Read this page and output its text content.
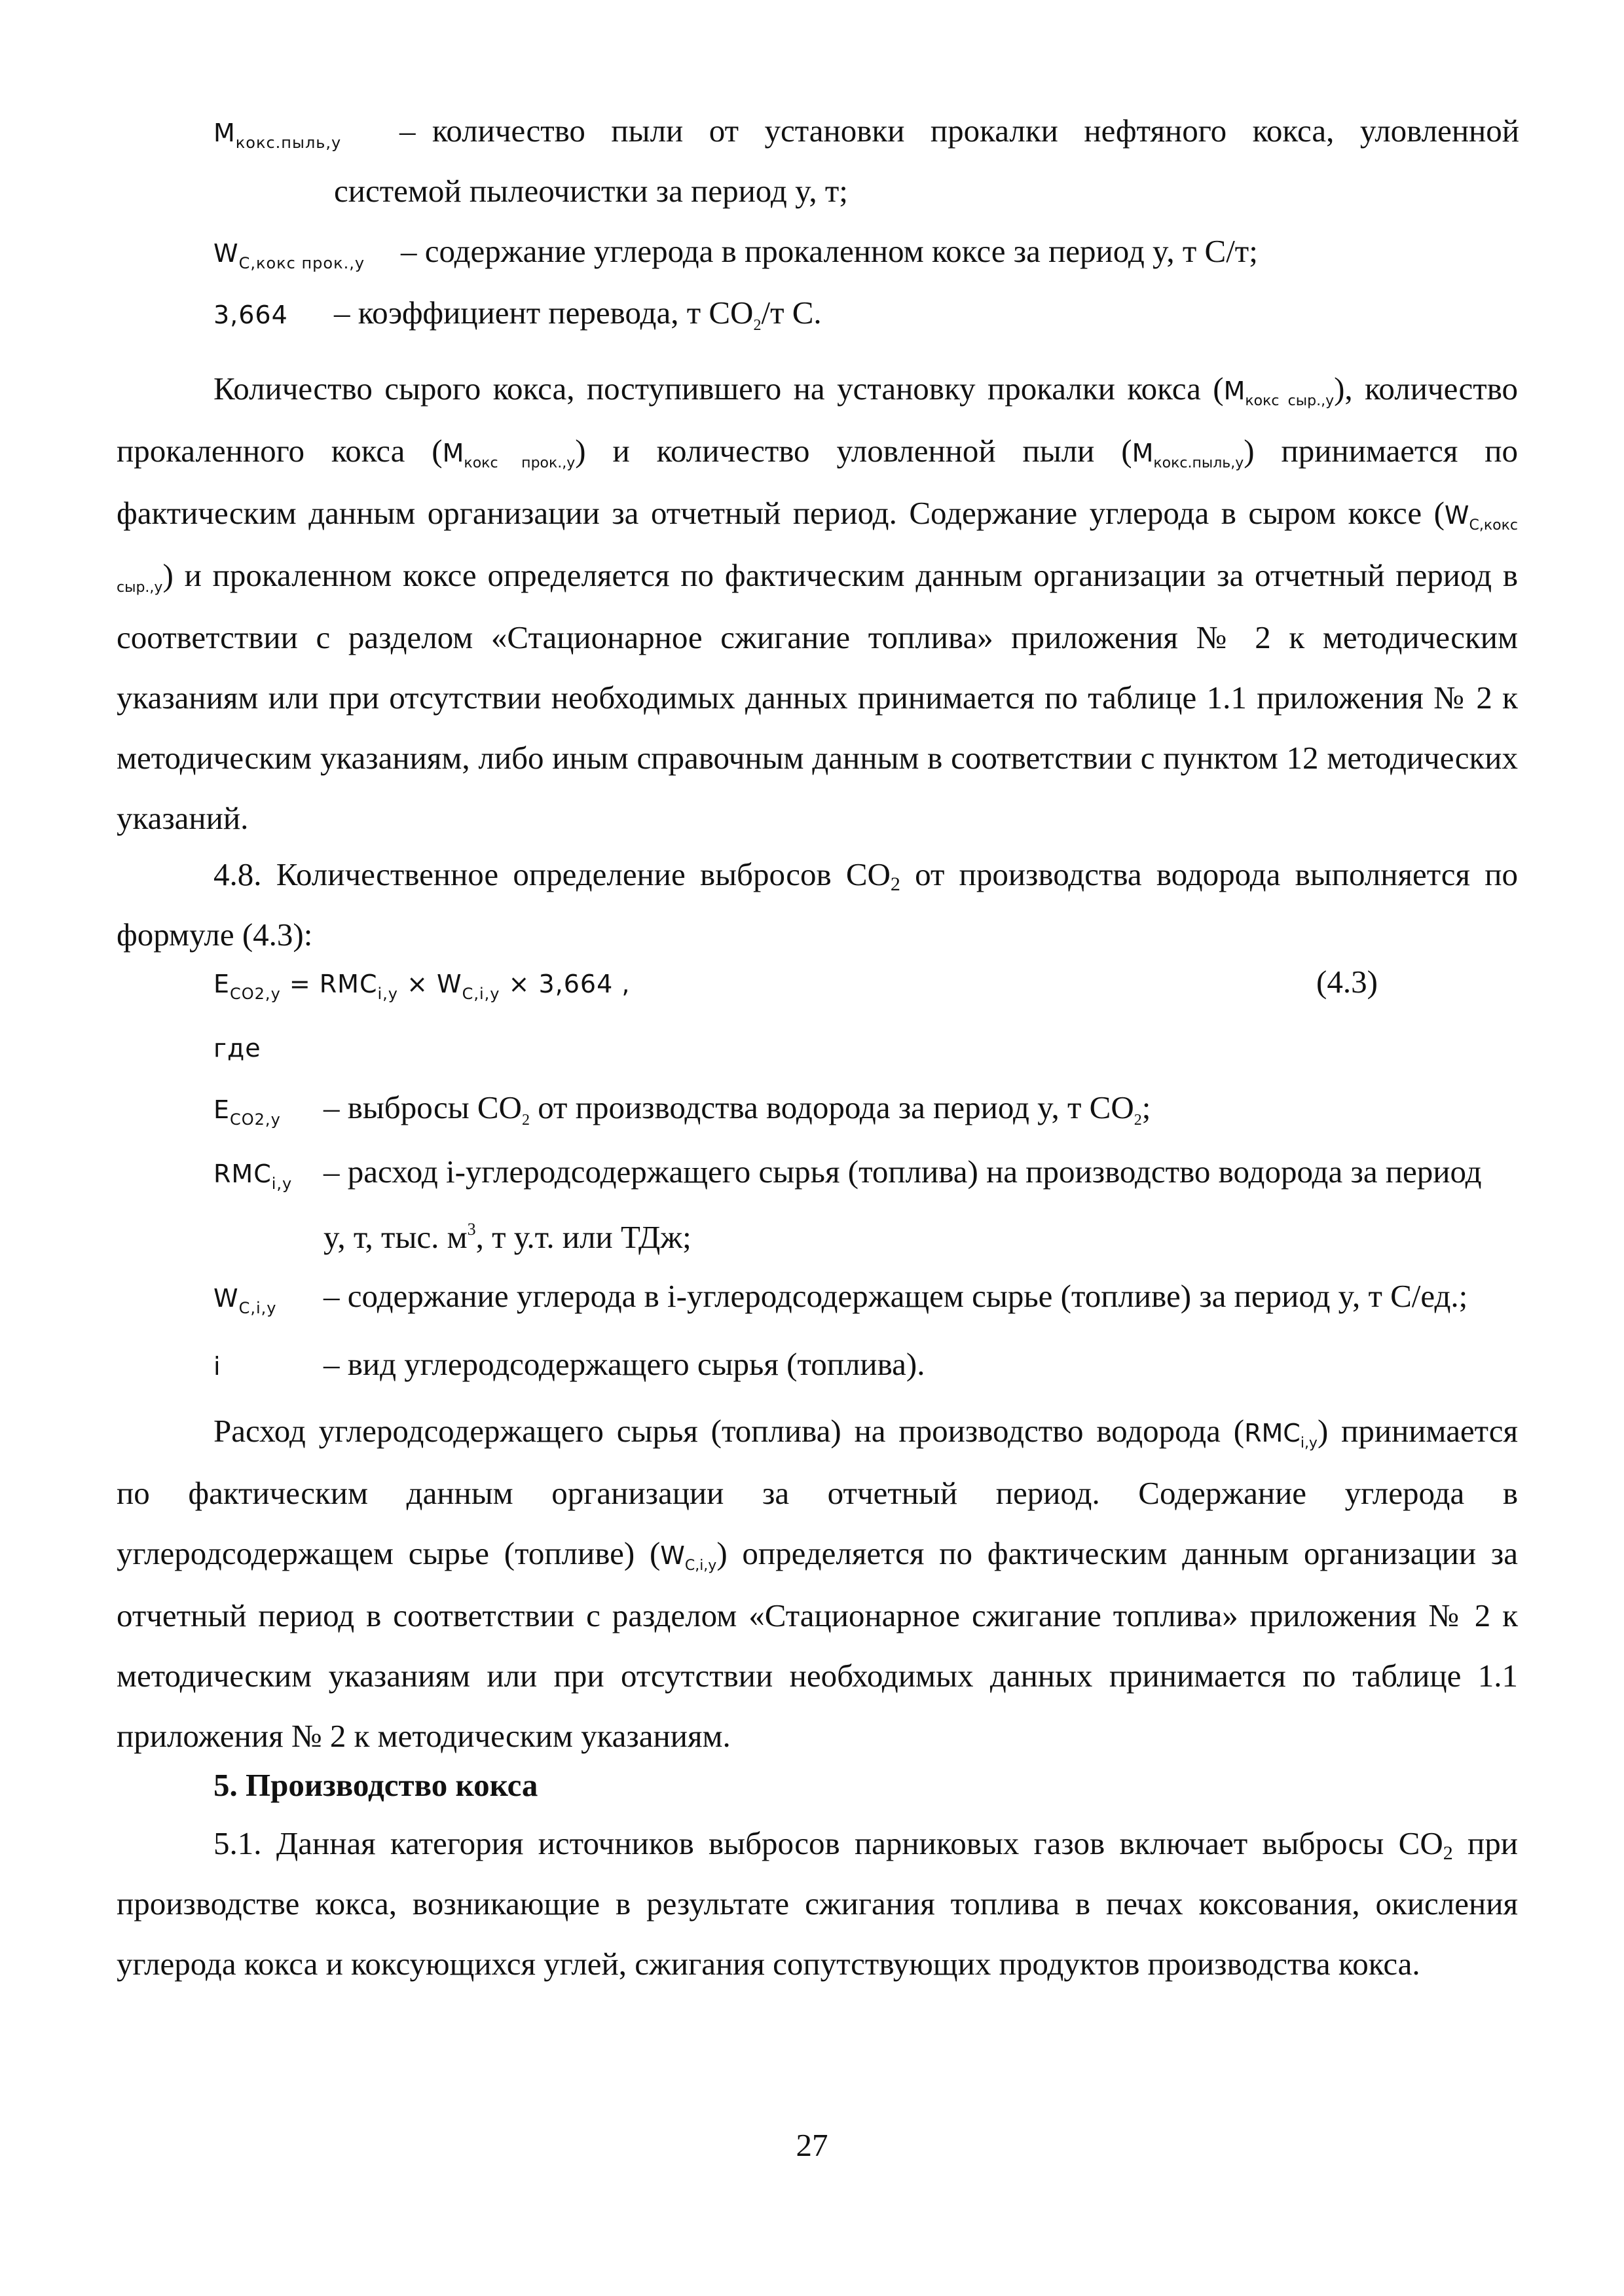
$М_{кокс.пыль,y}$ – количество пыли от установки прокалки нефтяного кокса, уловленной
системой пылеочистки за период y, т;
$W_{С,кокс прок.,y}$ – содержание углерода в прокаленном коксе за период y, т С/т;
3,664 – коэффициент перевода, т $СО_2/т$ С.

Количество сырого кокса, поступившего на установку прокалки кокса $(М_{кокс сыр.,y})$, количество прокаленного кокса $(М_{кокс прок.,y})$ и количество уловленной пыли $(М_{кокс.пыль,y})$ принимается по фактическим данным организации за отчетный период. Содержание углерода в сыром коксе $(W_{С,кокс сыр.,y})$ и прокаленном коксе определяется по фактическим данным организации за отчетный период в соответствии с разделом «Стационарное сжигание топлива» приложения № 2 к методическим указаниям или при отсутствии необходимых данных принимается по таблице 1.1 приложения № 2 к методическим указаниям, либо иным справочным данным в соответствии с пунктом 12 методических указаний.

4.8. Количественное определение выбросов $СО_2$ от производства водорода выполняется по формуле (4.3):

$E_{CO2,y} = RMC_{i,y} \times W_{C,i,y} \times 3,664$ ,	(4.3)
где
$E_{CO2,y}$ – выбросы $СО_2$ от производства водорода за период y, т $СО_2$;
$RMC_{i,y}$ – расход i-углеродсодержащего сырья (топлива) на производство водорода за период
y, т, тыс. $м^3$, т у.т. или ТДж;
$W_{C,i,y}$ – содержание углерода в i-углеродсодержащем сырье (топливе) за период y, т С/ед.;
i	– вид углеродсодержащего сырья (топлива).

Расход углеродсодержащего сырья (топлива) на производство водорода $(RMC_{i,y})$ принимается по фактическим данным организации за отчетный период. Содержание углерода в углеродсодержащем сырье (топливе) $(W_{C,i,y})$ определяется по фактическим данным организации за отчетный период в соответствии с разделом «Стационарное сжигание топлива» приложения № 2 к методическим указаниям или при отсутствии необходимых данных принимается по таблице 1.1 приложения № 2 к методическим указаниям.

5. Производство кокса

5.1. Данная категория источников выбросов парниковых газов включает выбросы $СО_2$ при производстве кокса, возникающие в результате сжигания топлива в печах коксования, окисления углерода кокса и коксующихся углей, сжигания сопутствующих продуктов производства кокса.

27
